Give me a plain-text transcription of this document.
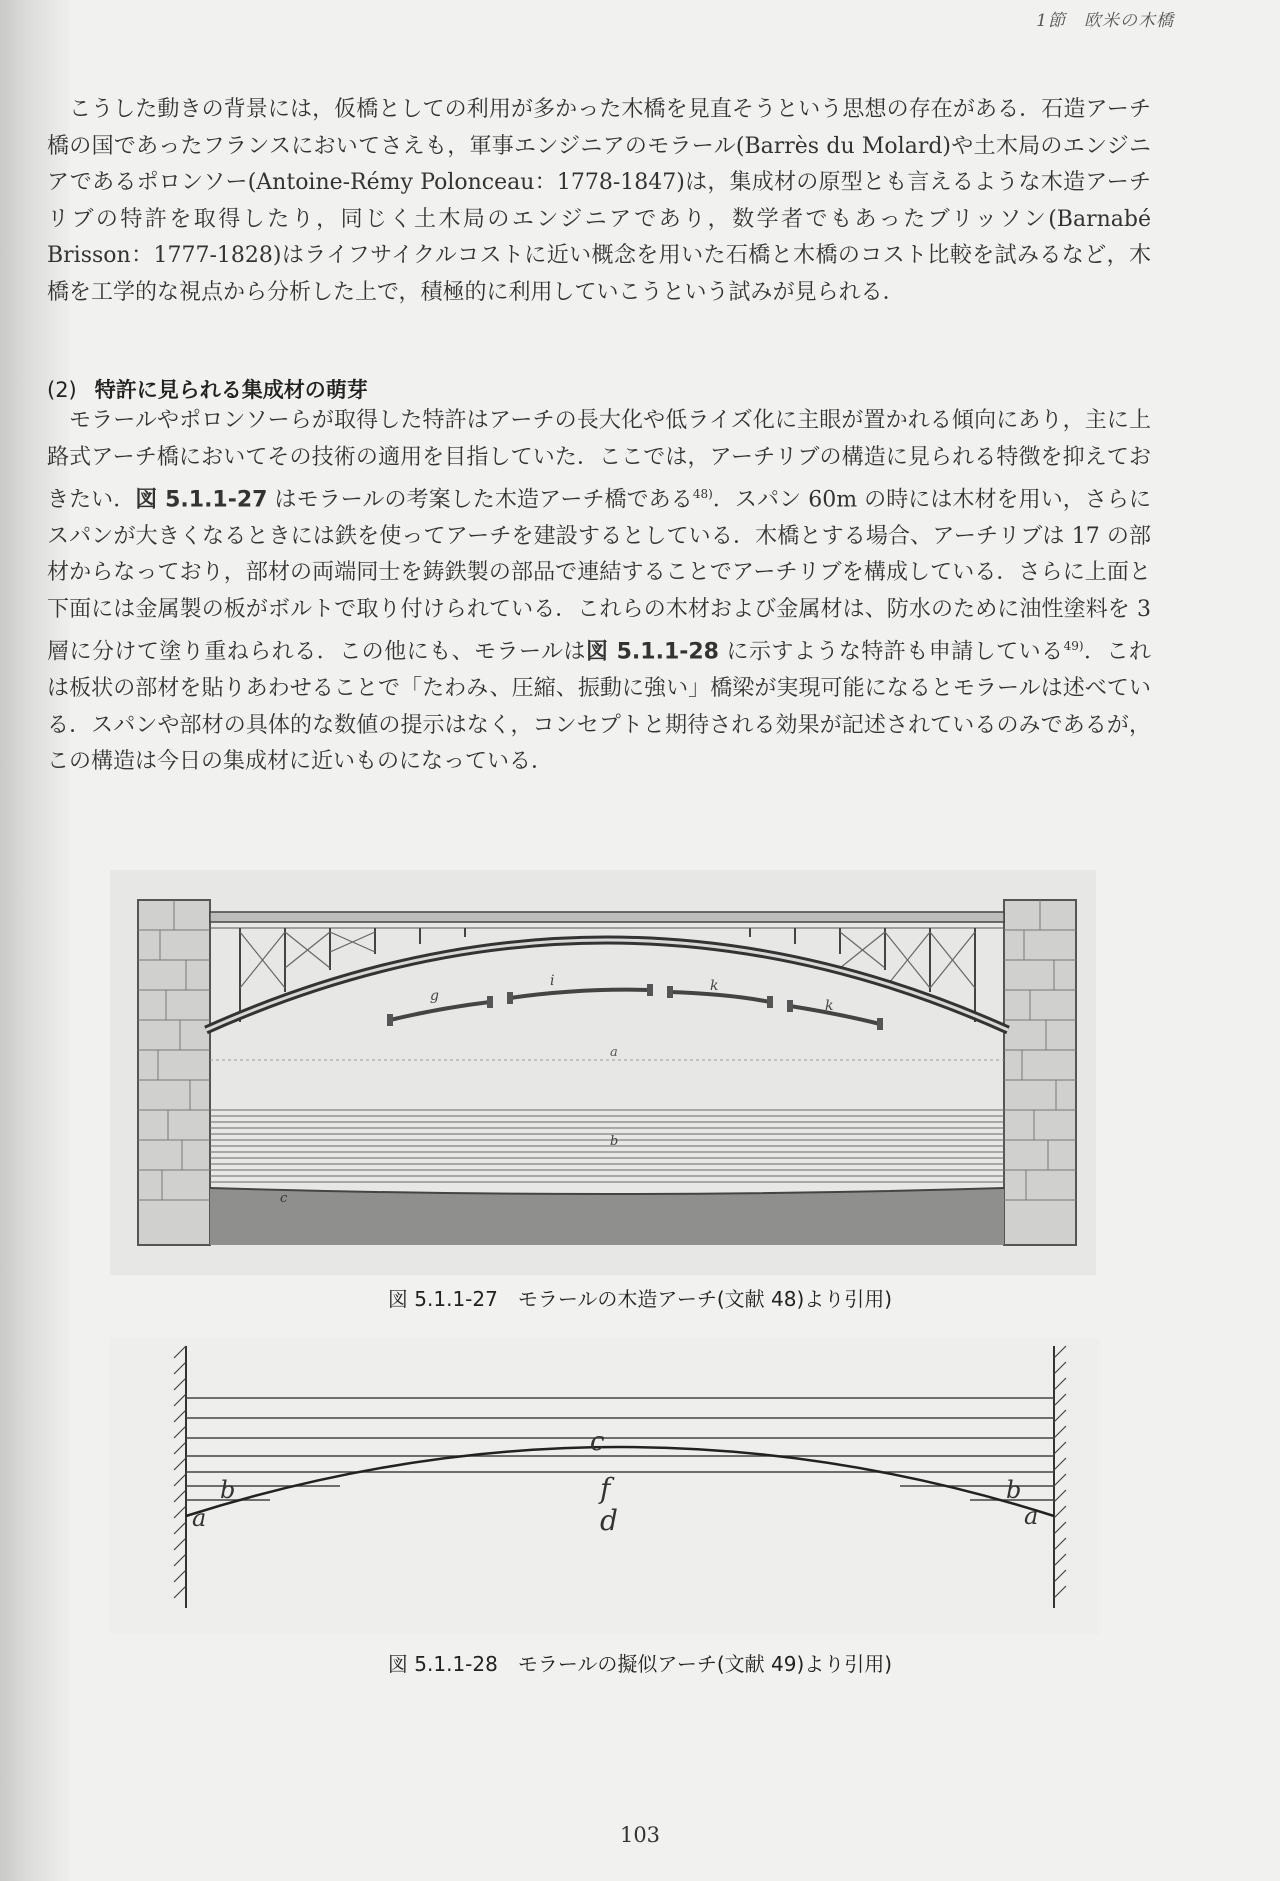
1節　欧米の木橋

こうした動きの背景には，仮橋としての利用が多かった木橋を見直そうという思想の存在がある．石造アーチ橋の国であったフランスにおいてさえも，軍事エンジニアのモラール(Barrès du Molard)や土木局のエンジニアであるポロンソー(Antoine-Rémy Polonceau：1778-1847)は，集成材の原型とも言えるような木造アーチリブの特許を取得したり，同じく土木局のエンジニアであり，数学者でもあったブリッソン(Barnabé Brisson：1777-1828)はライフサイクルコストに近い概念を用いた石橋と木橋のコスト比較を試みるなど，木橋を工学的な視点から分析した上で，積極的に利用していこうという試みが見られる．

(2) 特許に見られる集成材の萌芽

モラールやポロンソーらが取得した特許はアーチの長大化や低ライズ化に主眼が置かれる傾向にあり，主に上路式アーチ橋においてその技術の適用を目指していた．ここでは，アーチリブの構造に見られる特徴を抑えておきたい．図 5.1.1-27 はモラールの考案した木造アーチ橋である$^{48)}$．スパン 60m の時には木材を用い，さらにスパンが大きくなるときには鉄を使ってアーチを建設するとしている．木橋とする場合、アーチリブは 17 の部材からなっており，部材の両端同士を鋳鉄製の部品で連結することでアーチリブを構成している．さらに上面と下面には金属製の板がボルトで取り付けられている．これらの木材および金属材は、防水のために油性塗料を 3 層に分けて塗り重ねられる．この他にも、モラールは図 5.1.1-28 に示すような特許も申請している$^{49)}$．これは板状の部材を貼りあわせることで「たわみ、圧縮、振動に強い」橋梁が実現可能になるとモラールは述べている．スパンや部材の具体的な数値の提示はなく，コンセプトと期待される効果が記述されているのみであるが，この構造は今日の集成材に近いものになっている．

g
i	k
k
a
b
c
図 5.1.1-27　モラールの木造アーチ(文献 48)より引用)
c
f
d
b
a
b
a
図 5.1.1-28　モラールの擬似アーチ(文献 49)より引用)
103
